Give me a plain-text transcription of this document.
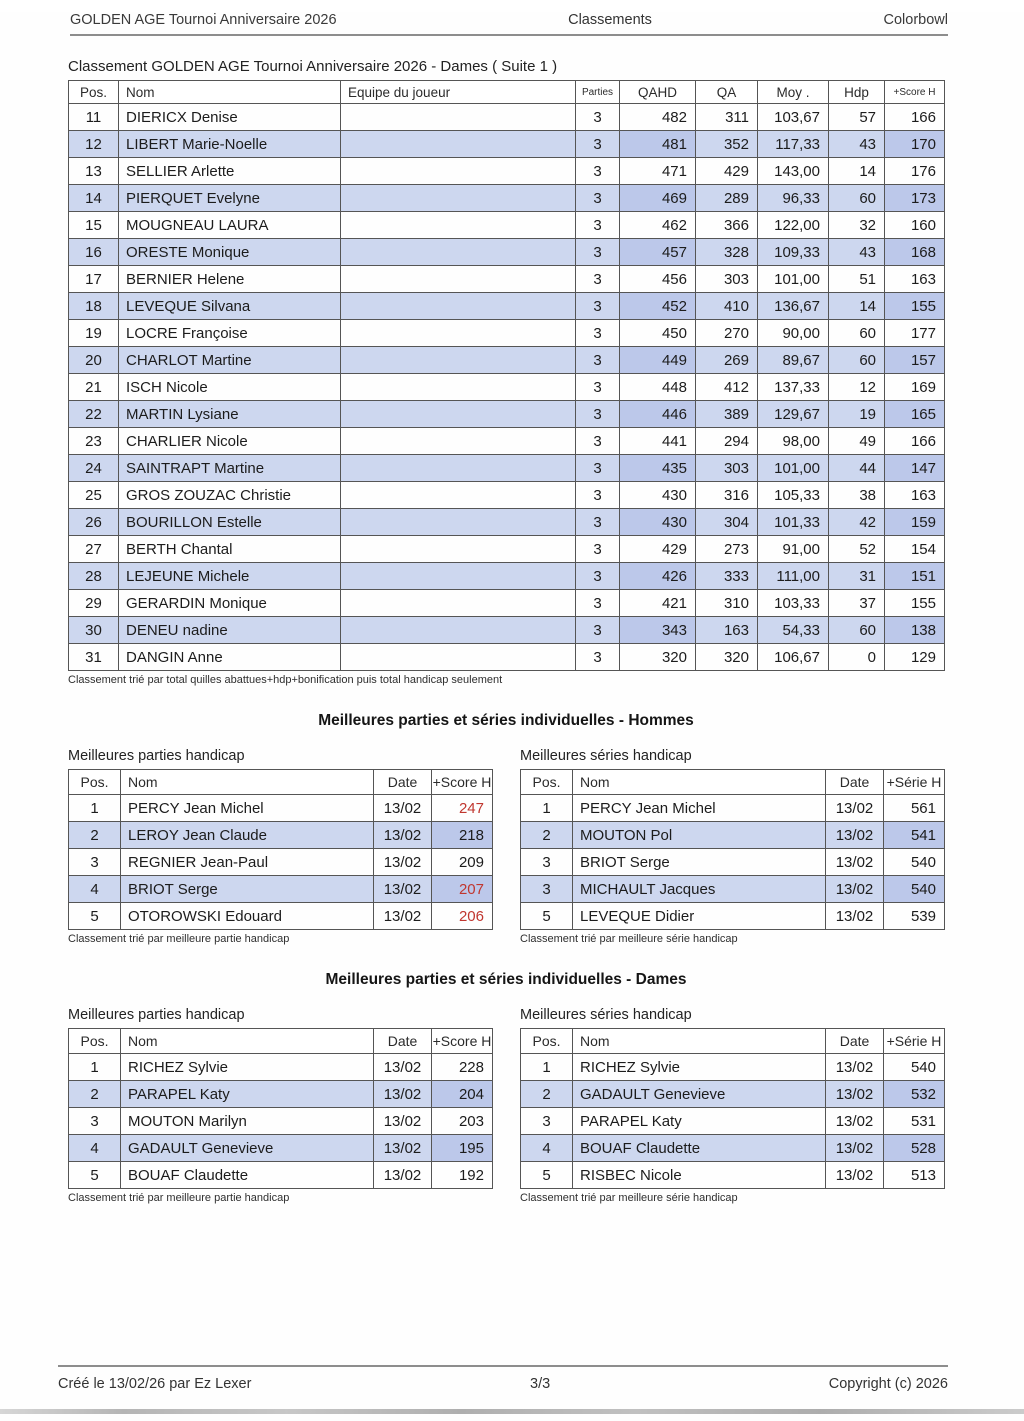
GOLDEN AGE Tournoi Anniversaire 2026	Classements	Colorbowl
Classement GOLDEN AGE Tournoi Anniversaire 2026 - Dames ( Suite 1 )
Pos.	Nom	Equipe du joueur	Parties	QAHD	QA	Moy .	Hdp	+Score H
11	DIERICX Denise		3	482	311	103,67	57	166
12	LIBERT Marie-Noelle		3	481	352	117,33	43	170
13	SELLIER Arlette		3	471	429	143,00	14	176
14	PIERQUET Evelyne		3	469	289	96,33	60	173
15	MOUGNEAU LAURA		3	462	366	122,00	32	160
16	ORESTE Monique		3	457	328	109,33	43	168
17	BERNIER Helene		3	456	303	101,00	51	163
18	LEVEQUE Silvana		3	452	410	136,67	14	155
19	LOCRE Françoise		3	450	270	90,00	60	177
20	CHARLOT Martine		3	449	269	89,67	60	157
21	ISCH Nicole		3	448	412	137,33	12	169
22	MARTIN Lysiane		3	446	389	129,67	19	165
23	CHARLIER Nicole		3	441	294	98,00	49	166
24	SAINTRAPT Martine		3	435	303	101,00	44	147
25	GROS ZOUZAC Christie		3	430	316	105,33	38	163
26	BOURILLON Estelle		3	430	304	101,33	42	159
27	BERTH Chantal		3	429	273	91,00	52	154
28	LEJEUNE Michele		3	426	333	111,00	31	151
29	GERARDIN Monique		3	421	310	103,33	37	155
30	DENEU nadine		3	343	163	54,33	60	138
31	DANGIN Anne		3	320	320	106,67	0	129
Classement trié par total quilles abattues+hdp+bonification puis total handicap seulement
Meilleures parties et séries individuelles - Hommes
Meilleures parties handicap
Pos.	Nom	Date	+Score H
1	PERCY Jean Michel	13/02	247
2	LEROY Jean Claude	13/02	218
3	REGNIER Jean-Paul	13/02	209
4	BRIOT Serge	13/02	207
5	OTOROWSKI Edouard	13/02	206
Classement trié par meilleure partie handicap
Meilleures séries handicap
Pos.	Nom	Date	+Série H
1	PERCY Jean Michel	13/02	561
2	MOUTON Pol	13/02	541
3	BRIOT Serge	13/02	540
3	MICHAULT Jacques	13/02	540
5	LEVEQUE Didier	13/02	539
Classement trié par meilleure série handicap
Meilleures parties et séries individuelles - Dames
Meilleures parties handicap
Pos.	Nom	Date	+Score H
1	RICHEZ Sylvie	13/02	228
2	PARAPEL Katy	13/02	204
3	MOUTON Marilyn	13/02	203
4	GADAULT Genevieve	13/02	195
5	BOUAF Claudette	13/02	192
Classement trié par meilleure partie handicap
Meilleures séries handicap
Pos.	Nom	Date	+Série H
1	RICHEZ Sylvie	13/02	540
2	GADAULT Genevieve	13/02	532
3	PARAPEL Katy	13/02	531
4	BOUAF Claudette	13/02	528
5	RISBEC Nicole	13/02	513
Classement trié par meilleure série handicap
Créé le 13/02/26 par Ez Lexer	3/3	Copyright (c) 2026
